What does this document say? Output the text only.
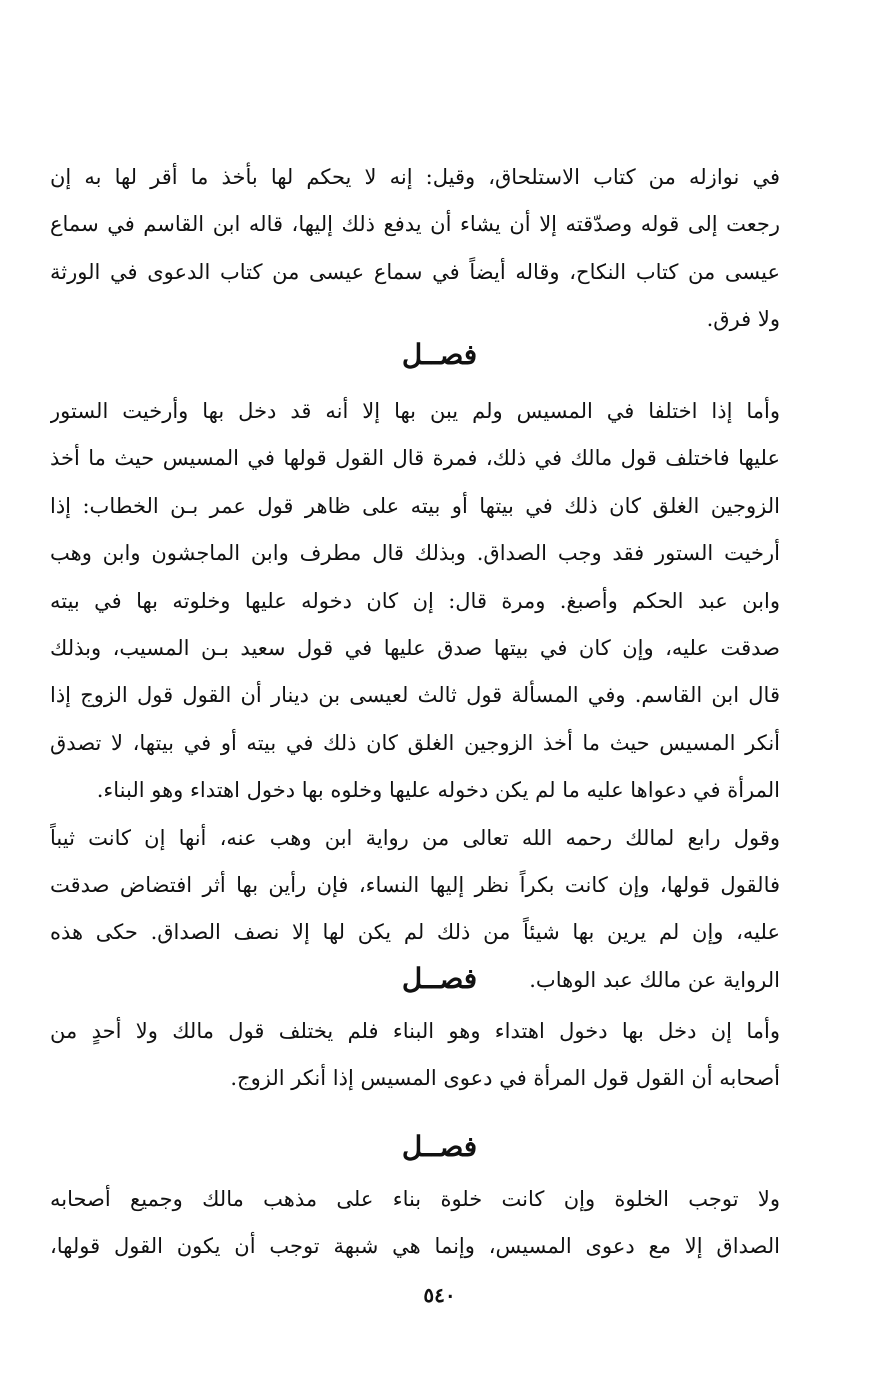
في نوازله من كتاب الاستلحاق، وقيل: إنه لا يحكم لها بأخذ ما أقر لها به إن
رجعت إلى قوله وصدّقته إلا أن يشاء أن يدفع ذلك إليها، قاله ابن القاسم في سماع
عيسى من كتاب النكاح، وقاله أيضاً في سماع عيسى من كتاب الدعوى في الورثة
ولا فرق.
فصــل
وأما إذا اختلفا في المسيس ولم يبن بها إلا أنه قد دخل بها وأرخيت الستور
عليها فاختلف قول مالك في ذلك، فمرة قال القول قولها في المسيس حيث ما أخذ
الزوجين الغلق كان ذلك في بيتها أو بيته على ظاهر قول عمر بـن الخطاب: إذا
أرخيت الستور فقد وجب الصداق. وبذلك قال مطرف وابن الماجشون وابن وهب
وابن عبد الحكم وأصبغ. ومرة قال: إن كان دخوله عليها وخلوته بها في بيته
صدقت عليه، وإن كان في بيتها صدق عليها في قول سعيد بـن المسيب، وبذلك
قال ابن القاسم. وفي المسألة قول ثالث لعيسى بن دينار أن القول قول الزوج إذا
أنكر المسيس حيث ما أخذ الزوجين الغلق كان ذلك في بيته أو في بيتها، لا تصدق
المرأة في دعواها عليه ما لم يكن دخوله عليها وخلوه بها دخول اهتداء وهو البناء.
وقول رابع لمالك رحمه الله تعالى من رواية ابن وهب عنه، أنها إن كانت ثيباً
فالقول قولها، وإن كانت بكراً نظر إليها النساء، فإن رأين بها أثر افتضاض صدقت
عليه، وإن لم يرين بها شيئاً من ذلك لم يكن لها إلا نصف الصداق. حكى هذه
الرواية عن مالك عبد الوهاب.
فصــل
وأما إن دخل بها دخول اهتداء وهو البناء فلم يختلف قول مالك ولا أحدٍ من
أصحابه أن القول قول المرأة في دعوى المسيس إذا أنكر الزوج.
فصــل
ولا توجب الخلوة وإن كانت خلوة بناء على مذهب مالك وجميع أصحابه
الصداق إلا مع دعوى المسيس، وإنما هي شبهة توجب أن يكون القول قولها،
٥٤٠
